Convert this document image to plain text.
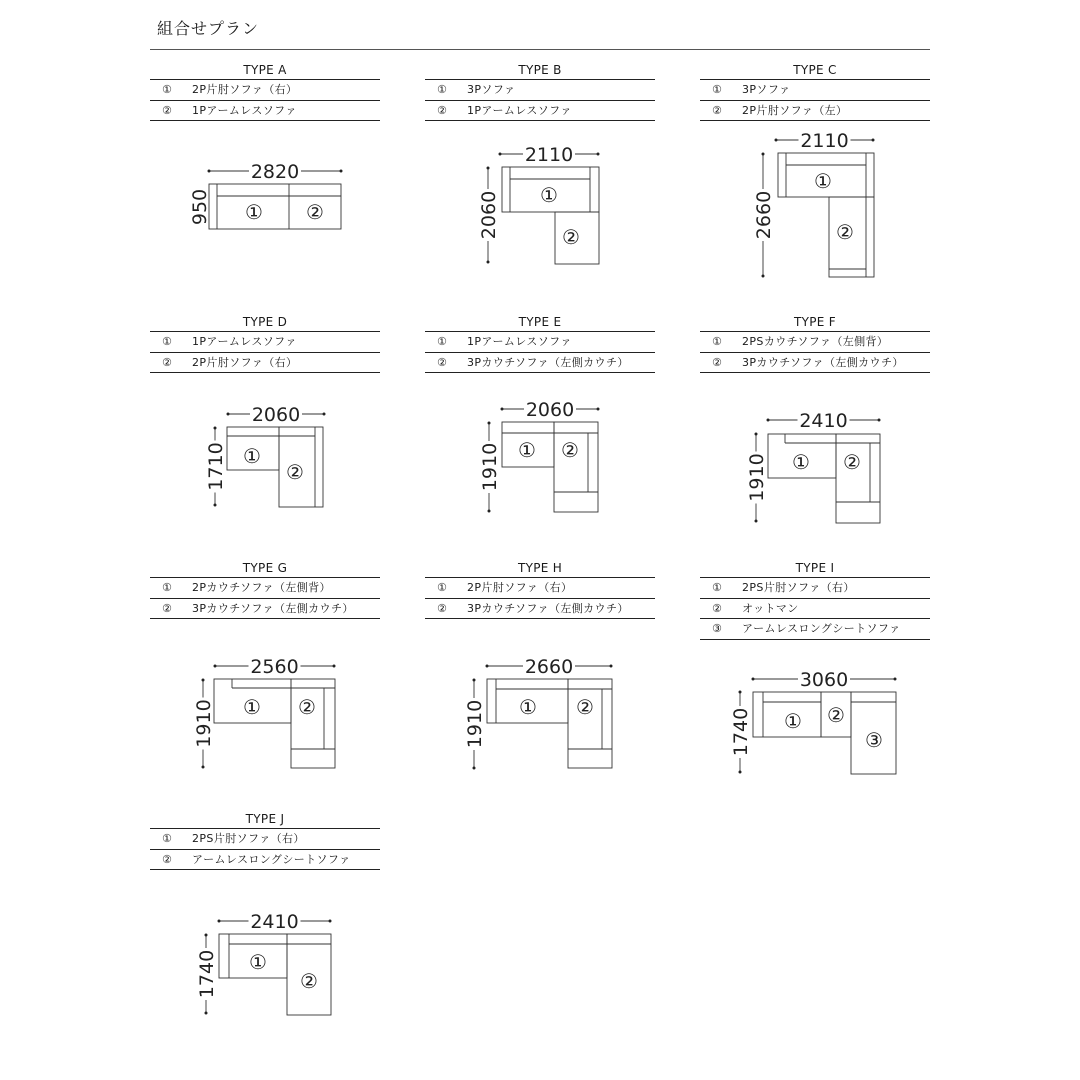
組合せプラン
TYPE A
① 2P片肘ソファ（右）
② 1Pアームレスソファ
TYPE B
① 3Pソファ
② 1Pアームレスソファ
TYPE C
① 3Pソファ
② 2P片肘ソファ（左）
TYPE D
① 1Pアームレスソファ
② 2P片肘ソファ（右）
TYPE E
① 1Pアームレスソファ
② 3Pカウチソファ（左側カウチ）
TYPE F
① 2PSカウチソファ（左側背）
② 3Pカウチソファ（左側カウチ）
TYPE G
① 2Pカウチソファ（左側背）
② 3Pカウチソファ（左側カウチ）
TYPE H
① 2P片肘ソファ（右）
② 3Pカウチソファ（左側カウチ）
TYPE I
① 2PS片肘ソファ（右）
② オットマン
③ アームレスロングシートソファ
TYPE J
① 2PS片肘ソファ（右）
② アームレスロングシートソファ
2820
950 ① ②
2110
2060 ①
②
2110
2660
①
②
2060
1710 ①
②
2060
1910 ① ②
2410
1910 ① ②
2560
1910 ① ②
2660
1910 ① ②
3060
1740 ① ②
③
2410
1740 ①
②
